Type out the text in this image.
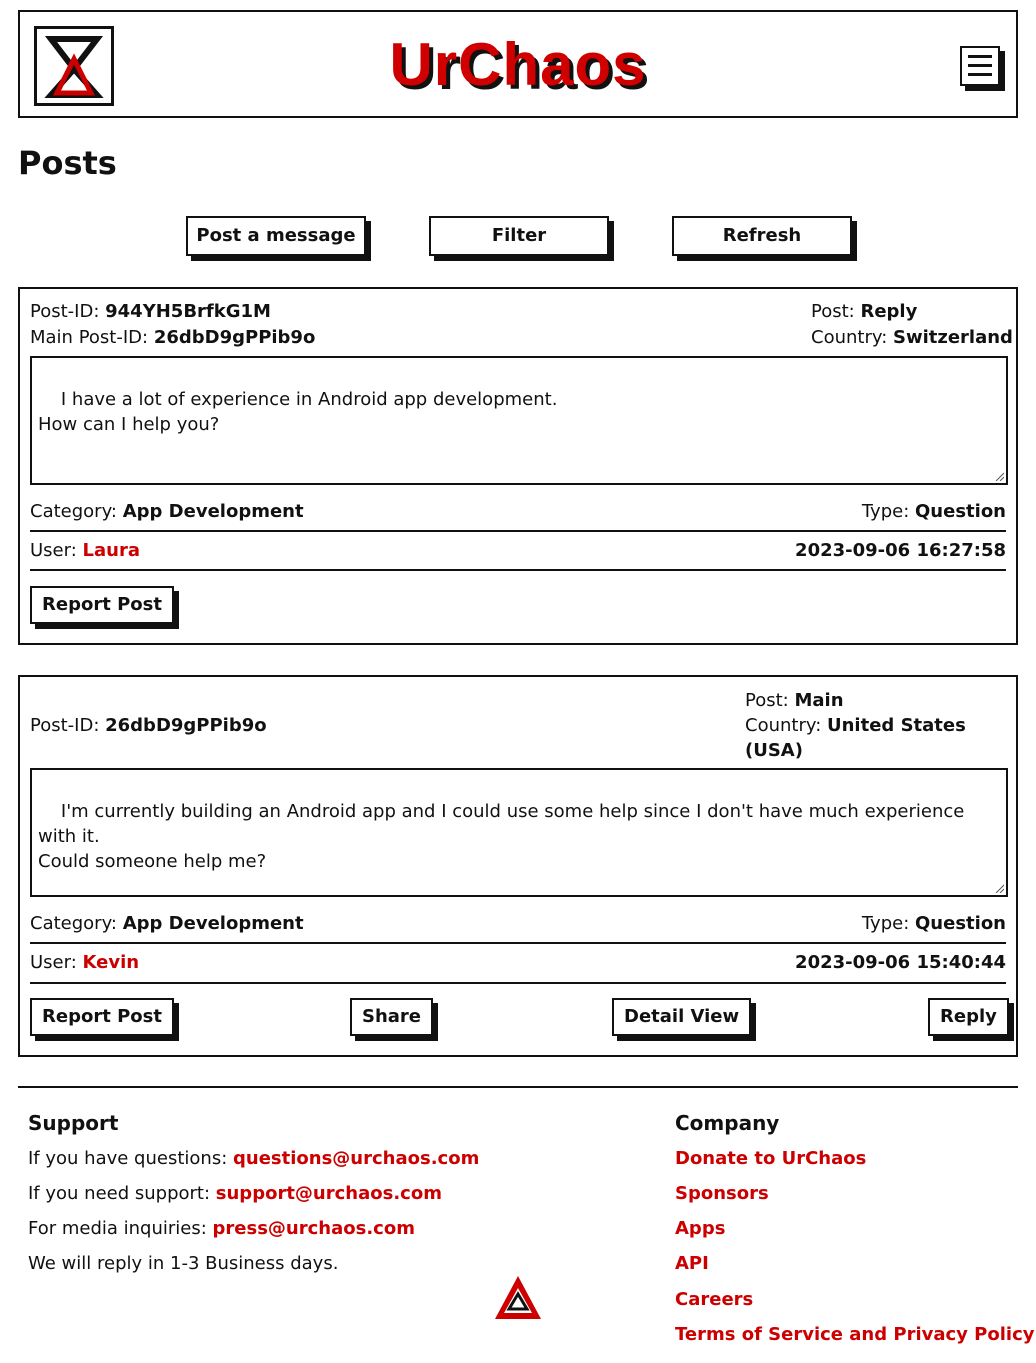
UrChaos
Posts
Post a message	Filter	Refresh
Post-ID: 944YH5BrfkG1M
Main Post-ID: 26dbD9gPPib9o
Post: Reply
Country: Switzerland

I have a lot of experience in Android app development.
How can I help you?

Category: App Development	Type: Question
User: Laura	2023-09-06 16:27:58
Report Post
Post-ID: 26dbD9gPPib9o
Post: Main
Country: United States (USA)

I'm currently building an Android app and I could use some help since I don't have much experience with it.
Could someone help me?

Category: App Development	Type: Question
User: Kevin	2023-09-06 15:40:44
Report Post	Share	Detail View	Reply
Support
If you have questions: questions@urchaos.com
If you need support: support@urchaos.com
For media inquiries: press@urchaos.com
We will reply in 1-3 Business days.
Company
Donate to UrChaos
Sponsors
Apps
API
Careers
Terms of Service and Privacy Policy
